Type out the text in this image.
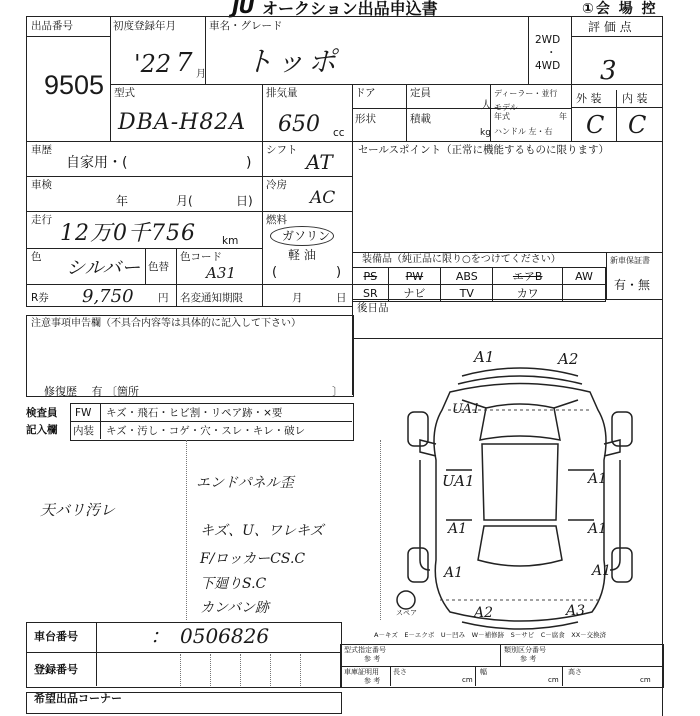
JU オークション出品申込書	①会 場 控
出品番号
9505
初度登録年月
'22 7 月
車名・グレード
トッポ
2WD
・
4WD
評 価 点
3
型式
DBA-H82A
排気量
650 cc
ドア	定員
人
形状	積載
kg
ディーラー・並行
モデル
年式	年
ハンドル 左・右
外 装 内 装
C C
車歴
自家用・(	)
シフト AT
車検
年	月(	日)
冷房
AC
走行
12万0千756 km
燃料
ガソリン
軽 油
(	)
色 シルバー 色替
色コード
A31
R券 9,750 円 名変通知期限	月	日
セールスポイント（正常に機能するものに限ります）
装備品（純正品に限り○をつけてください）	新車保証書
有・無
PS	PW	ABS	エアB	AW
SR	ナビ	TV	カワ	
後日品
注意事項申告欄（不具合内容等は具体的に記入して下さい）
修復歴　 有 〔箇所	〕
検査員
記入欄
FW キズ・飛石・ヒビ割・リペア跡・×要
内装 キズ・汚し・コゲ・穴・スレ・キレ・破レ
天バリ汚レ
エンドパネル歪
キズ、U、ワレキズ
F/ロッカーCS.C
下廻りS.C
カンバン跡	スペア
A1	A2
UA1
UA1	A1
A1	A1
A1	A1
A2	A3
A－キズ　E－エクボ　U－凹み　W－補修跡　S－サビ　C－腐食　XX－交換済
車台番号	：　0506826
登録番号
型式指定番号
参 考
類別区分番号
参 考
車庫証明用
参 考
長さ
cm
幅
cm
高さ
cm
希望出品コーナー
